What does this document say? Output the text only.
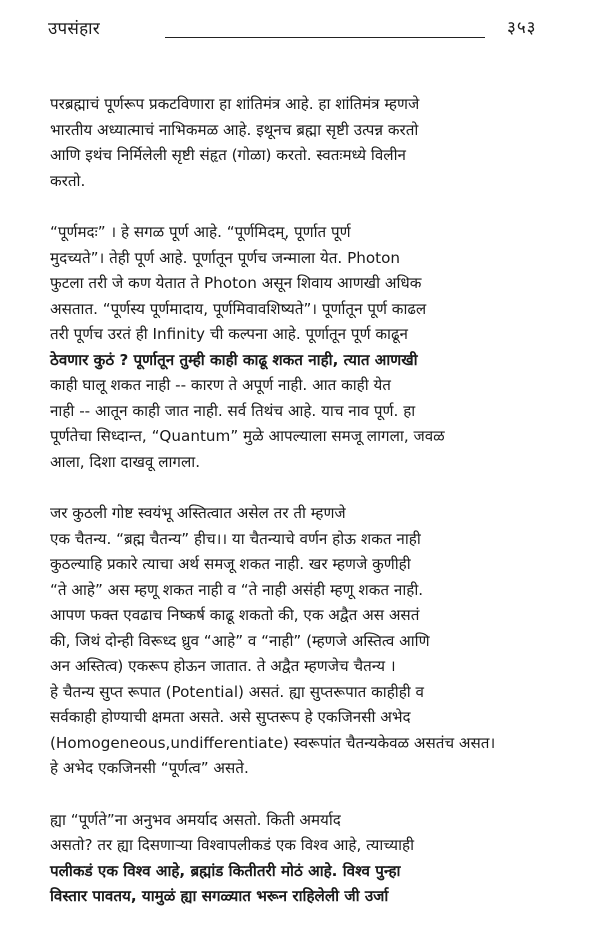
उपसंहार	३५३
परब्रह्माचं पूर्णरूप प्रकटविणारा हा शांतिमंत्र आहे. हा शांतिमंत्र म्हणजे
भारतीय अध्यात्माचं नाभिकमळ आहे. इथूनच ब्रह्मा सृष्टी उत्पन्न करतो
आणि इथंच निर्मिलेली सृष्टी संहृत (गोळा) करतो. स्वतःमध्ये विलीन
करतो.
“पूर्णमदः” । हे सगळ पूर्ण आहे. “पूर्णमिदम्, पूर्णात पूर्ण
मुदच्यते”। तेही पूर्ण आहे. पूर्णातून पूर्णच जन्माला येत. Photon
फुटला तरी जे कण येतात ते Photon असून शिवाय आणखी अधिक
असतात. “पूर्णस्य पूर्णमादाय, पूर्णमिवावशिष्यते”। पूर्णातून पूर्ण काढल
तरी पूर्णच उरतं ही Infinity ची कल्पना आहे. पूर्णातून पूर्ण काढून
ठेवणार कुठं ? पूर्णातून तुम्ही काही काढू शकत नाही, त्यात आणखी
काही घालू शकत नाही -- कारण ते अपूर्ण नाही. आत काही येत
नाही -- आतून काही जात नाही. सर्व तिथंच आहे. याच नाव पूर्ण. हा
पूर्णतेचा सिध्दान्त, “Quantum” मुळे आपल्याला समजू लागला, जवळ
आला, दिशा दाखवू लागला.
जर कुठली गोष्ट स्वयंभू अस्तित्वात असेल तर ती म्हणजे
एक चैतन्य. “ब्रह्म चैतन्य” हीच।। या चैतन्याचे वर्णन होऊ शकत नाही
कुठल्याहि प्रकारे त्याचा अर्थ समजू शकत नाही. खर म्हणजे कुणीही
“ते आहे” अस म्हणू शकत नाही व “ते नाही असंही म्हणू शकत नाही.
आपण फक्त एवढाच निष्कर्ष काढू शकतो की, एक अद्वैत अस असतं
की, जिथं दोन्ही विरूध्द ध्रुव “आहे” व “नाही” (म्हणजे अस्तित्व आणि
अन अस्तित्व) एकरूप होऊन जातात. ते अद्वैत म्हणजेच चैतन्य ।
हे चैतन्य सुप्त रूपात (Potential) असतं. ह्या सुप्तरूपात काहीही व
सर्वकाही होण्याची क्षमता असते. असे सुप्तरूप हे एकजिनसी अभेद
(Homogeneous,undifferentiate) स्वरूपांत चैतन्यकेवळ असतंच असत।
हे अभेद एकजिनसी “पूर्णत्व” असते.
ह्या “पूर्णते”ना अनुभव अमर्याद असतो. किती अमर्याद
असतो? तर ह्या दिसणाऱ्या विश्वापलीकडं एक विश्व आहे, त्याच्याही
पलीकडं एक विश्व आहे, ब्रह्मांड कितीतरी मोठं आहे. विश्व पुन्हा
विस्तार पावतय, यामुळं ह्या सगळ्यात भरून राहिलेली जी उर्जा
